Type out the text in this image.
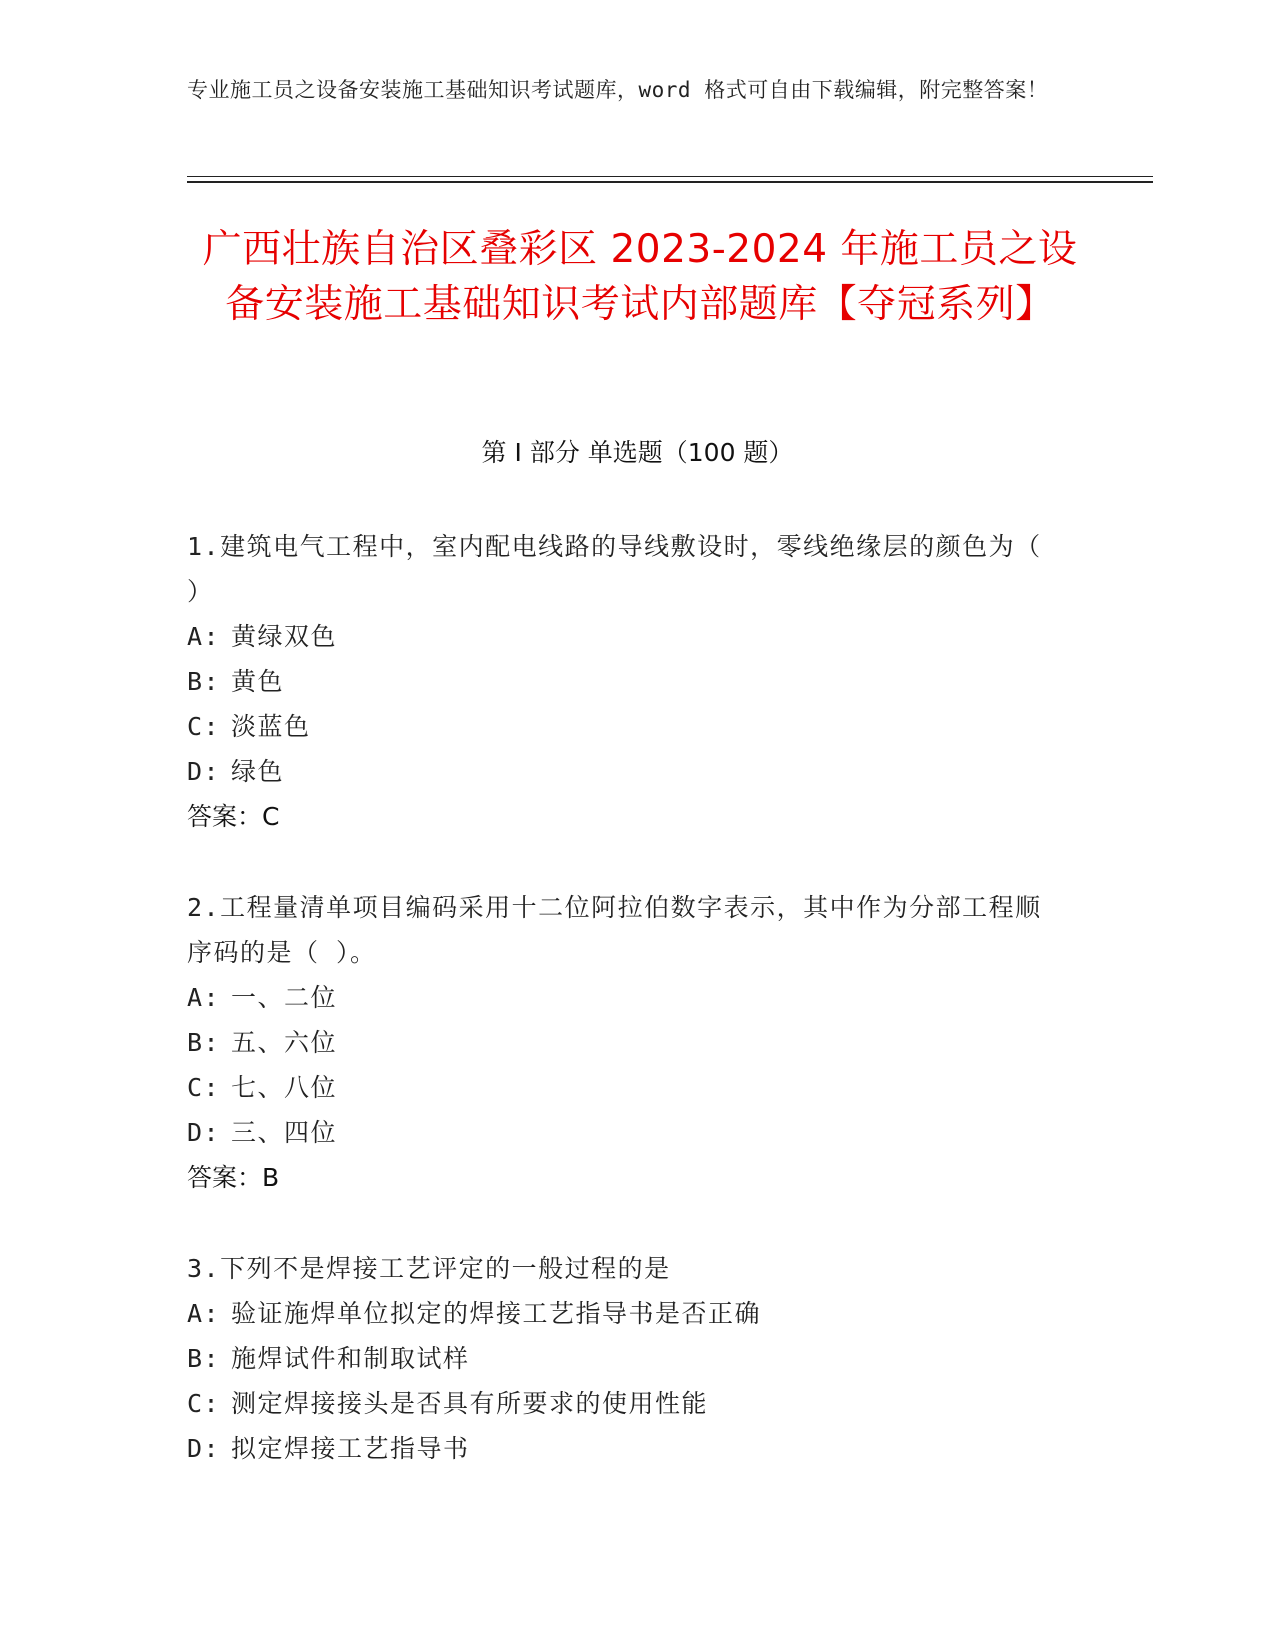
专业施工员之设备安装施工基础知识考试题库，word 格式可自由下载编辑，附完整答案！
广西壮族自治区叠彩区 2023-2024 年施工员之设备安装施工基础知识考试内部题库【夺冠系列】
第 I 部分 单选题（100 题）
1.建筑电气工程中，室内配电线路的导线敷设时，零线绝缘层的颜色为（ ）
A: 黄绿双色
B: 黄色
C: 淡蓝色
D: 绿色
答案：C
2.工程量清单项目编码采用十二位阿拉伯数字表示，其中作为分部工程顺序码的是（ ）。
A: 一、二位
B: 五、六位
C: 七、八位
D: 三、四位
答案：B
3.下列不是焊接工艺评定的一般过程的是
A: 验证施焊单位拟定的焊接工艺指导书是否正确
B: 施焊试件和制取试样
C: 测定焊接接头是否具有所要求的使用性能
D: 拟定焊接工艺指导书
